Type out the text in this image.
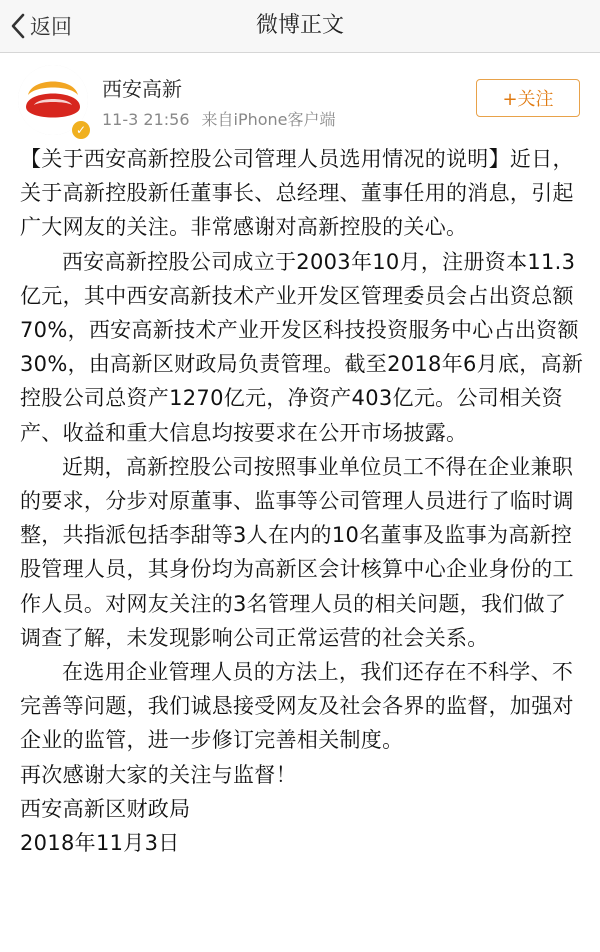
返回	微博正文
✓
西安高新
11-3 21:56 来自iPhone客户端
+关注

【关于西安高新控股公司管理人员选用情况的说明】近日，关于高新控股新任董事长、总经理、董事任用的消息，引起广大网友的关注。非常感谢对高新控股的关心。

西安高新控股公司成立于2003年10月，注册资本11.3亿元，其中西安高新技术产业开发区管理委员会占出资总额70%，西安高新技术产业开发区科技投资服务中心占出资额30%，由高新区财政局负责管理。截至2018年6月底，高新控股公司总资产1270亿元，净资产403亿元。公司相关资产、收益和重大信息均按要求在公开市场披露。

近期，高新控股公司按照事业单位员工不得在企业兼职的要求，分步对原董事、监事等公司管理人员进行了临时调整，共指派包括李甜等3人在内的10名董事及监事为高新控股管理人员，其身份均为高新区会计核算中心企业身份的工作人员。对网友关注的3名管理人员的相关问题，我们做了调查了解，未发现影响公司正常运营的社会关系。

在选用企业管理人员的方法上，我们还存在不科学、不完善等问题，我们诚恳接受网友及社会各界的监督，加强对企业的监管，进一步修订完善相关制度。

再次感谢大家的关注与监督！

西安高新区财政局

2018年11月3日
